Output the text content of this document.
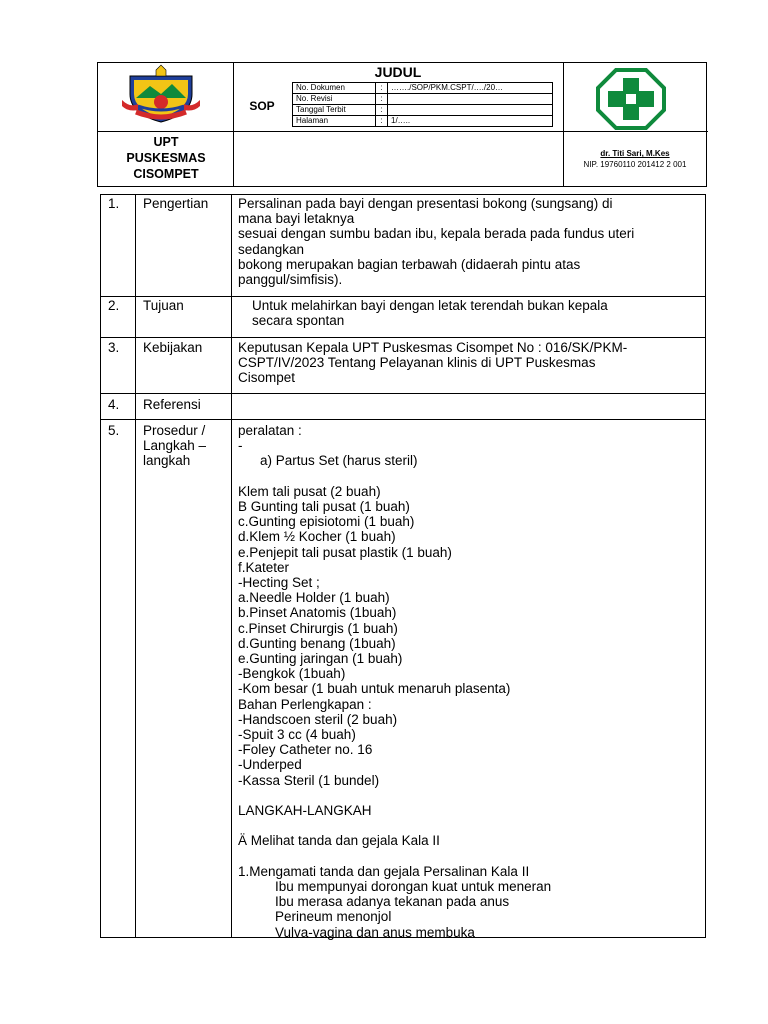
UPT
PUSKESMAS
CISOMPET
JUDUL
SOP
No. Dokumen	:	……./SOP/PKM.CSPT/…./20…
No. Revisi	:	
Tanggal Terbit	:	
Halaman	:	1/…..
dr. Titi Sari, M.Kes
NIP. 19760110 201412 2 001
1.	Pengertian	Persalinan pada bayi dengan presentasi bokong (sungsang) di
mana bayi letaknya
sesuai dengan sumbu badan ibu, kepala berada pada fundus uteri
sedangkan
bokong merupakan bagian terbawah (didaerah pintu atas
panggul/simfisis).
2.	Tujuan	Untuk melahirkan bayi dengan letak terendah bukan kepala
secara spontan
3.	Kebijakan	Keputusan Kepala UPT Puskesmas Cisompet No : 016/SK/PKM-
CSPT/IV/2023 Tentang Pelayanan klinis di UPT Puskesmas
Cisompet
4.	Referensi
5.	Prosedur /
Langkah –
langkah
peralatan :
-
a) Partus Set (harus steril)
Klem tali pusat (2 buah)
B Gunting tali pusat (1 buah)
c.Gunting episiotomi (1 buah)
d.Klem ½ Kocher (1 buah)
e.Penjepit tali pusat plastik (1 buah)
f.Kateter
-Hecting Set ;
a.Needle Holder (1 buah)
b.Pinset Anatomis (1buah)
c.Pinset Chirurgis (1 buah)
d.Gunting benang (1buah)
e.Gunting jaringan (1 buah)
-Bengkok (1buah)
-Kom besar (1 buah untuk menaruh plasenta)
Bahan Perlengkapan :
-Handscoen steril (2 buah)
-Spuit 3 cc (4 buah)
-Foley Catheter no. 16
-Underped
-Kassa Steril (1 bundel)
LANGKAH-LANGKAH
Ä Melihat tanda dan gejala Kala II
1.Mengamati tanda dan gejala Persalinan Kala II
Ibu mempunyai dorongan kuat untuk meneran
Ibu merasa adanya tekanan pada anus
Perineum menonjol
Vulva-vagina dan anus membuka
